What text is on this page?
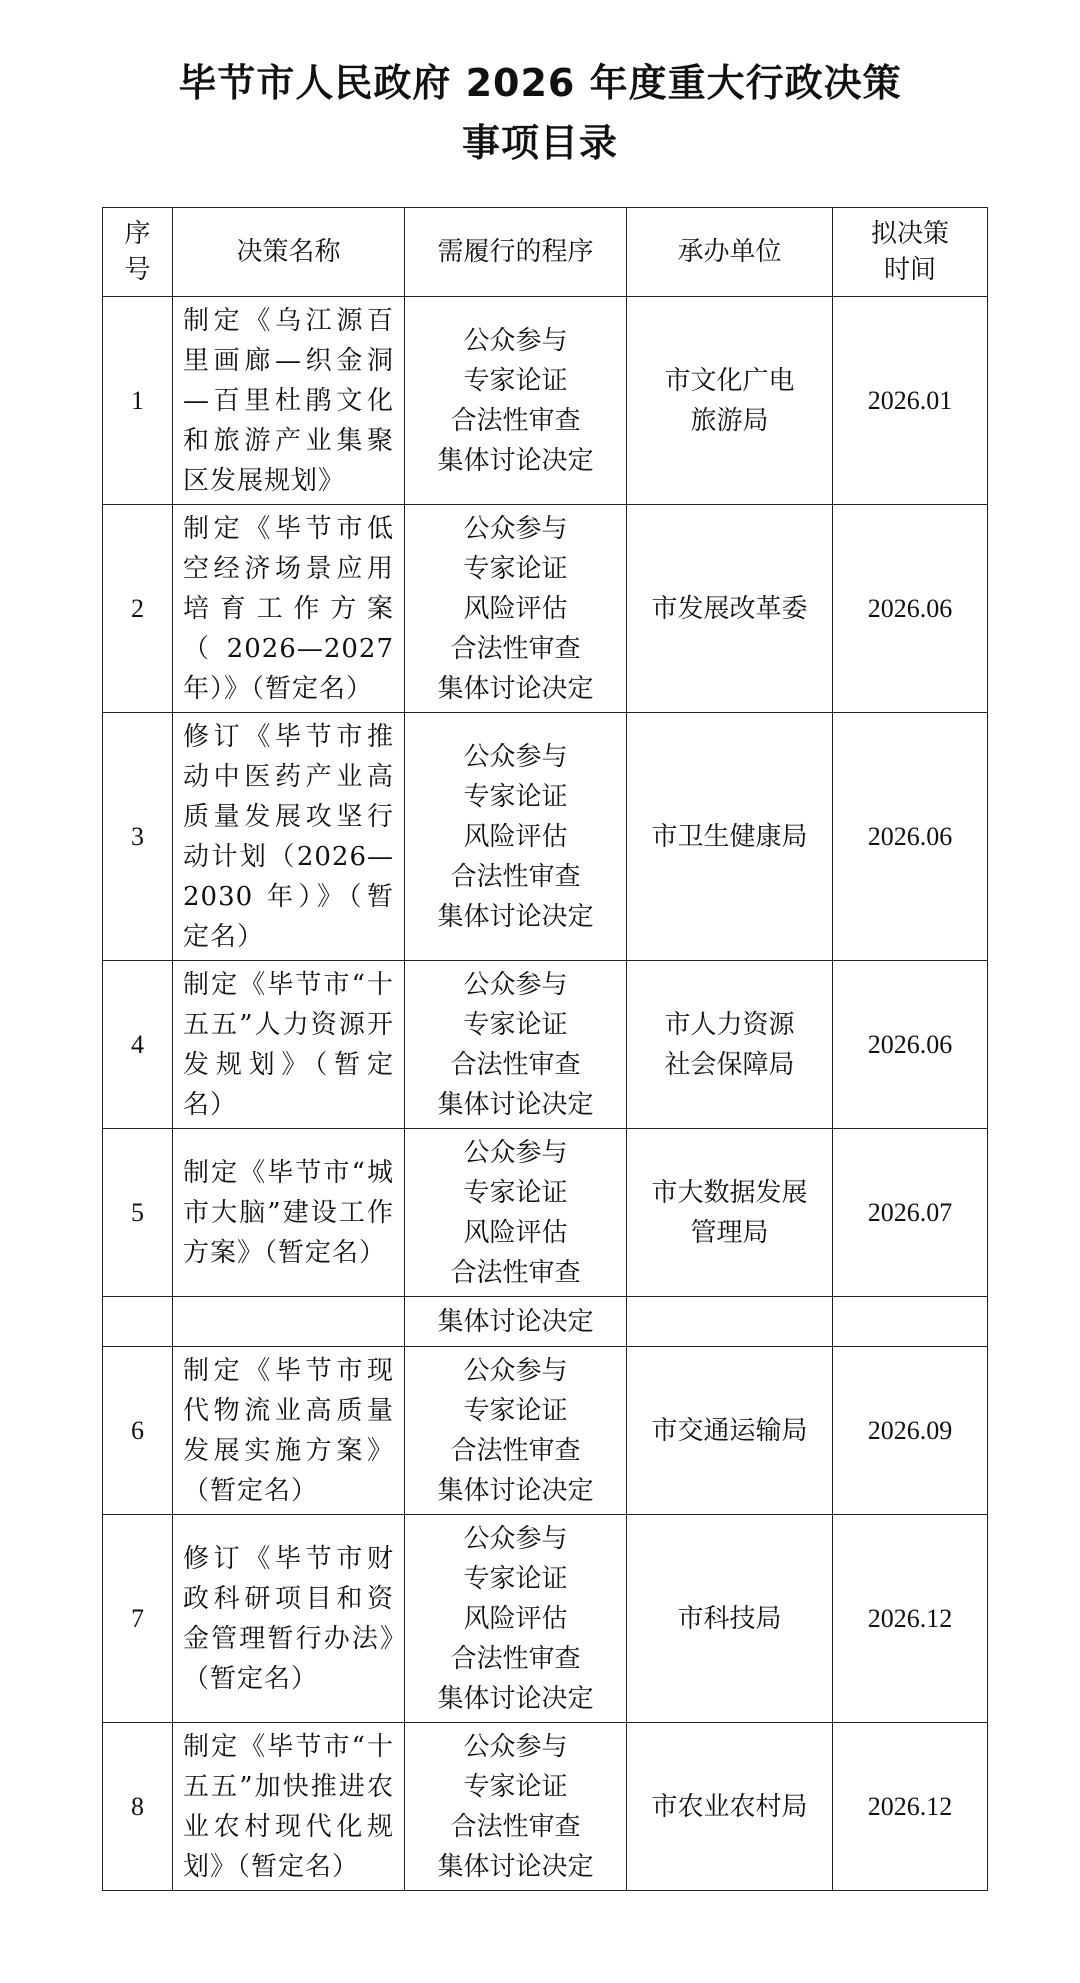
毕节市人民政府 2026 年度重大行政决策
事项目录
序号	决策名称	需履行的程序	承办单位	拟决策时间
1	制定《乌江源百里画廊—织金洞—百里杜鹃文化和旅游产业集聚区发展规划》	公众参与
专家论证
合法性审查
集体讨论决定	市文化广电
旅游局	2026.01
2	制定《毕节市低空经济场景应用培育工作方案（2026—2027年）》（暂定名）	公众参与
专家论证
风险评估
合法性审查
集体讨论决定	市发展改革委	2026.06
3	修订《毕节市推动中医药产业高质量发展攻坚行动计划（2026—2030 年）》（暂定名）	公众参与
专家论证
风险评估
合法性审查
集体讨论决定	市卫生健康局	2026.06
4	制定《毕节市“十五五”人力资源开发规划》（暂定名）	公众参与
专家论证
合法性审查
集体讨论决定	市人力资源
社会保障局	2026.06
5	制定《毕节市“城市大脑”建设工作方案》（暂定名）	公众参与
专家论证
风险评估
合法性审查	市大数据发展
管理局	2026.07

		集体讨论决定		

6	制定《毕节市现代物流业高质量发展实施方案》（暂定名）	公众参与
专家论证
合法性审查
集体讨论决定	市交通运输局	2026.09
7	修订《毕节市财政科研项目和资金管理暂行办法》（暂定名）	公众参与
专家论证
风险评估
合法性审查
集体讨论决定	市科技局	2026.12
8	制定《毕节市“十五五”加快推进农业农村现代化规划》（暂定名）	公众参与
专家论证
合法性审查
集体讨论决定	市农业农村局	2026.12
